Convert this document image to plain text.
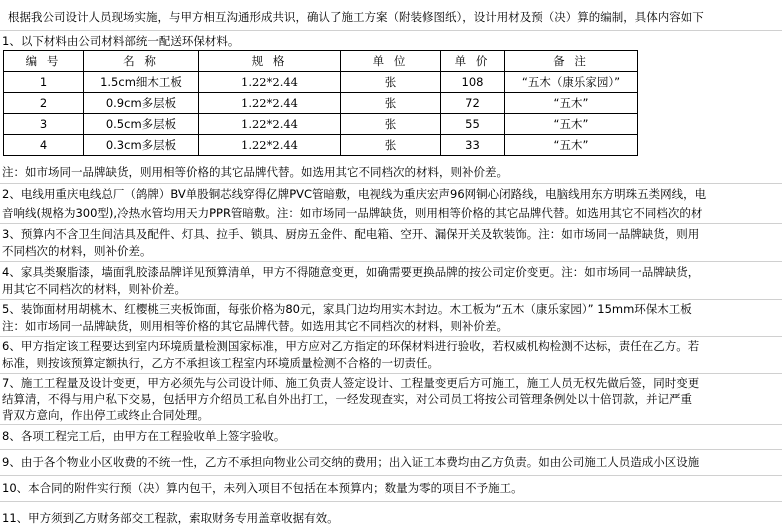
根据我公司设计人员现场实施，与甲方相互沟通形成共识，确认了施工方案（附装修图纸），设计用材及预（决）算的编制，具体内容如下
1、以下材料由公司材料部统一配送环保材料。
编 号	名 称	规 格	单 位	单 价	备 注
1	1.5cm细木工板	1.22*2.44	张	108	“五木（康乐家园）”
2	0.9cm多层板	1.22*2.44	张	72	“五木”
3	0.5cm多层板	1.22*2.44	张	55	“五木”
4	0.3cm多层板	1.22*2.44	张	33	“五木”
注：如市场同一品牌缺货，则用相等价格的其它品牌代替。如选用其它不同档次的材料，则补价差。
2、电线用重庆电线总厂（鸽牌）BV单股铜芯线穿得亿牌PVC管暗敷，电视线为重庆宏声96网铜心闭路线，电脑线用东方明珠五类网线，电
音响线(规格为300型),冷热水管均用天力PPR管暗敷。注：如市场同一品牌缺货，则用相等价格的其它品牌代替。如选用其它不同档次的材
3、预算内不含卫生间洁具及配件、灯具、拉手、锁具、厨房五金件、配电箱、空开、漏保开关及软装饰。注：如市场同一品牌缺货，则用
不同档次的材料，则补价差。
4、家具类聚脂漆，墙面乳胶漆品牌详见预算清单，甲方不得随意变更，如确需要更换品牌的按公司定价变更。注：如市场同一品牌缺货，
用其它不同档次的材料，则补价差。
5、装饰面材用胡桃木、红樱桃三夹板饰面，每张价格为80元，家具门边均用实木封边。木工板为“五木（康乐家园）” 15mm环保木工板
注：如市场同一品牌缺货，则用相等价格的其它品牌代替。如选用其它不同档次的材料，则补价差。
6、甲方指定该工程要达到室内环境质量检测国家标准，甲方应对乙方指定的环保材料进行验收，若权威机构检测不达标，责任在乙方。若
标准，则按该预算定额执行，乙方不承担该工程室内环境质量检测不合格的一切责任。
7、施工工程量及设计变更，甲方必须先与公司设计师、施工负责人签定设计、工程量变更后方可施工，施工人员无权先做后签，同时变更
结算清，不得与用户私下交易，包括甲方介绍员工私自外出打工，一经发现查实，对公司员工将按公司管理条例处以十倍罚款，并记严重
背双方意向，作出停工或终止合同处理。
8、各项工程完工后，由甲方在工程验收单上签字验收。
9、由于各个物业小区收费的不统一性，乙方不承担向物业公司交纳的费用；出入证工本费均由乙方负责。如由公司施工人员造成小区设施
10、本合同的附件实行预（决）算内包干，未列入项目不包括在本预算内；数量为零的项目不予施工。
11、甲方须到乙方财务部交工程款，索取财务专用盖章收据有效。
